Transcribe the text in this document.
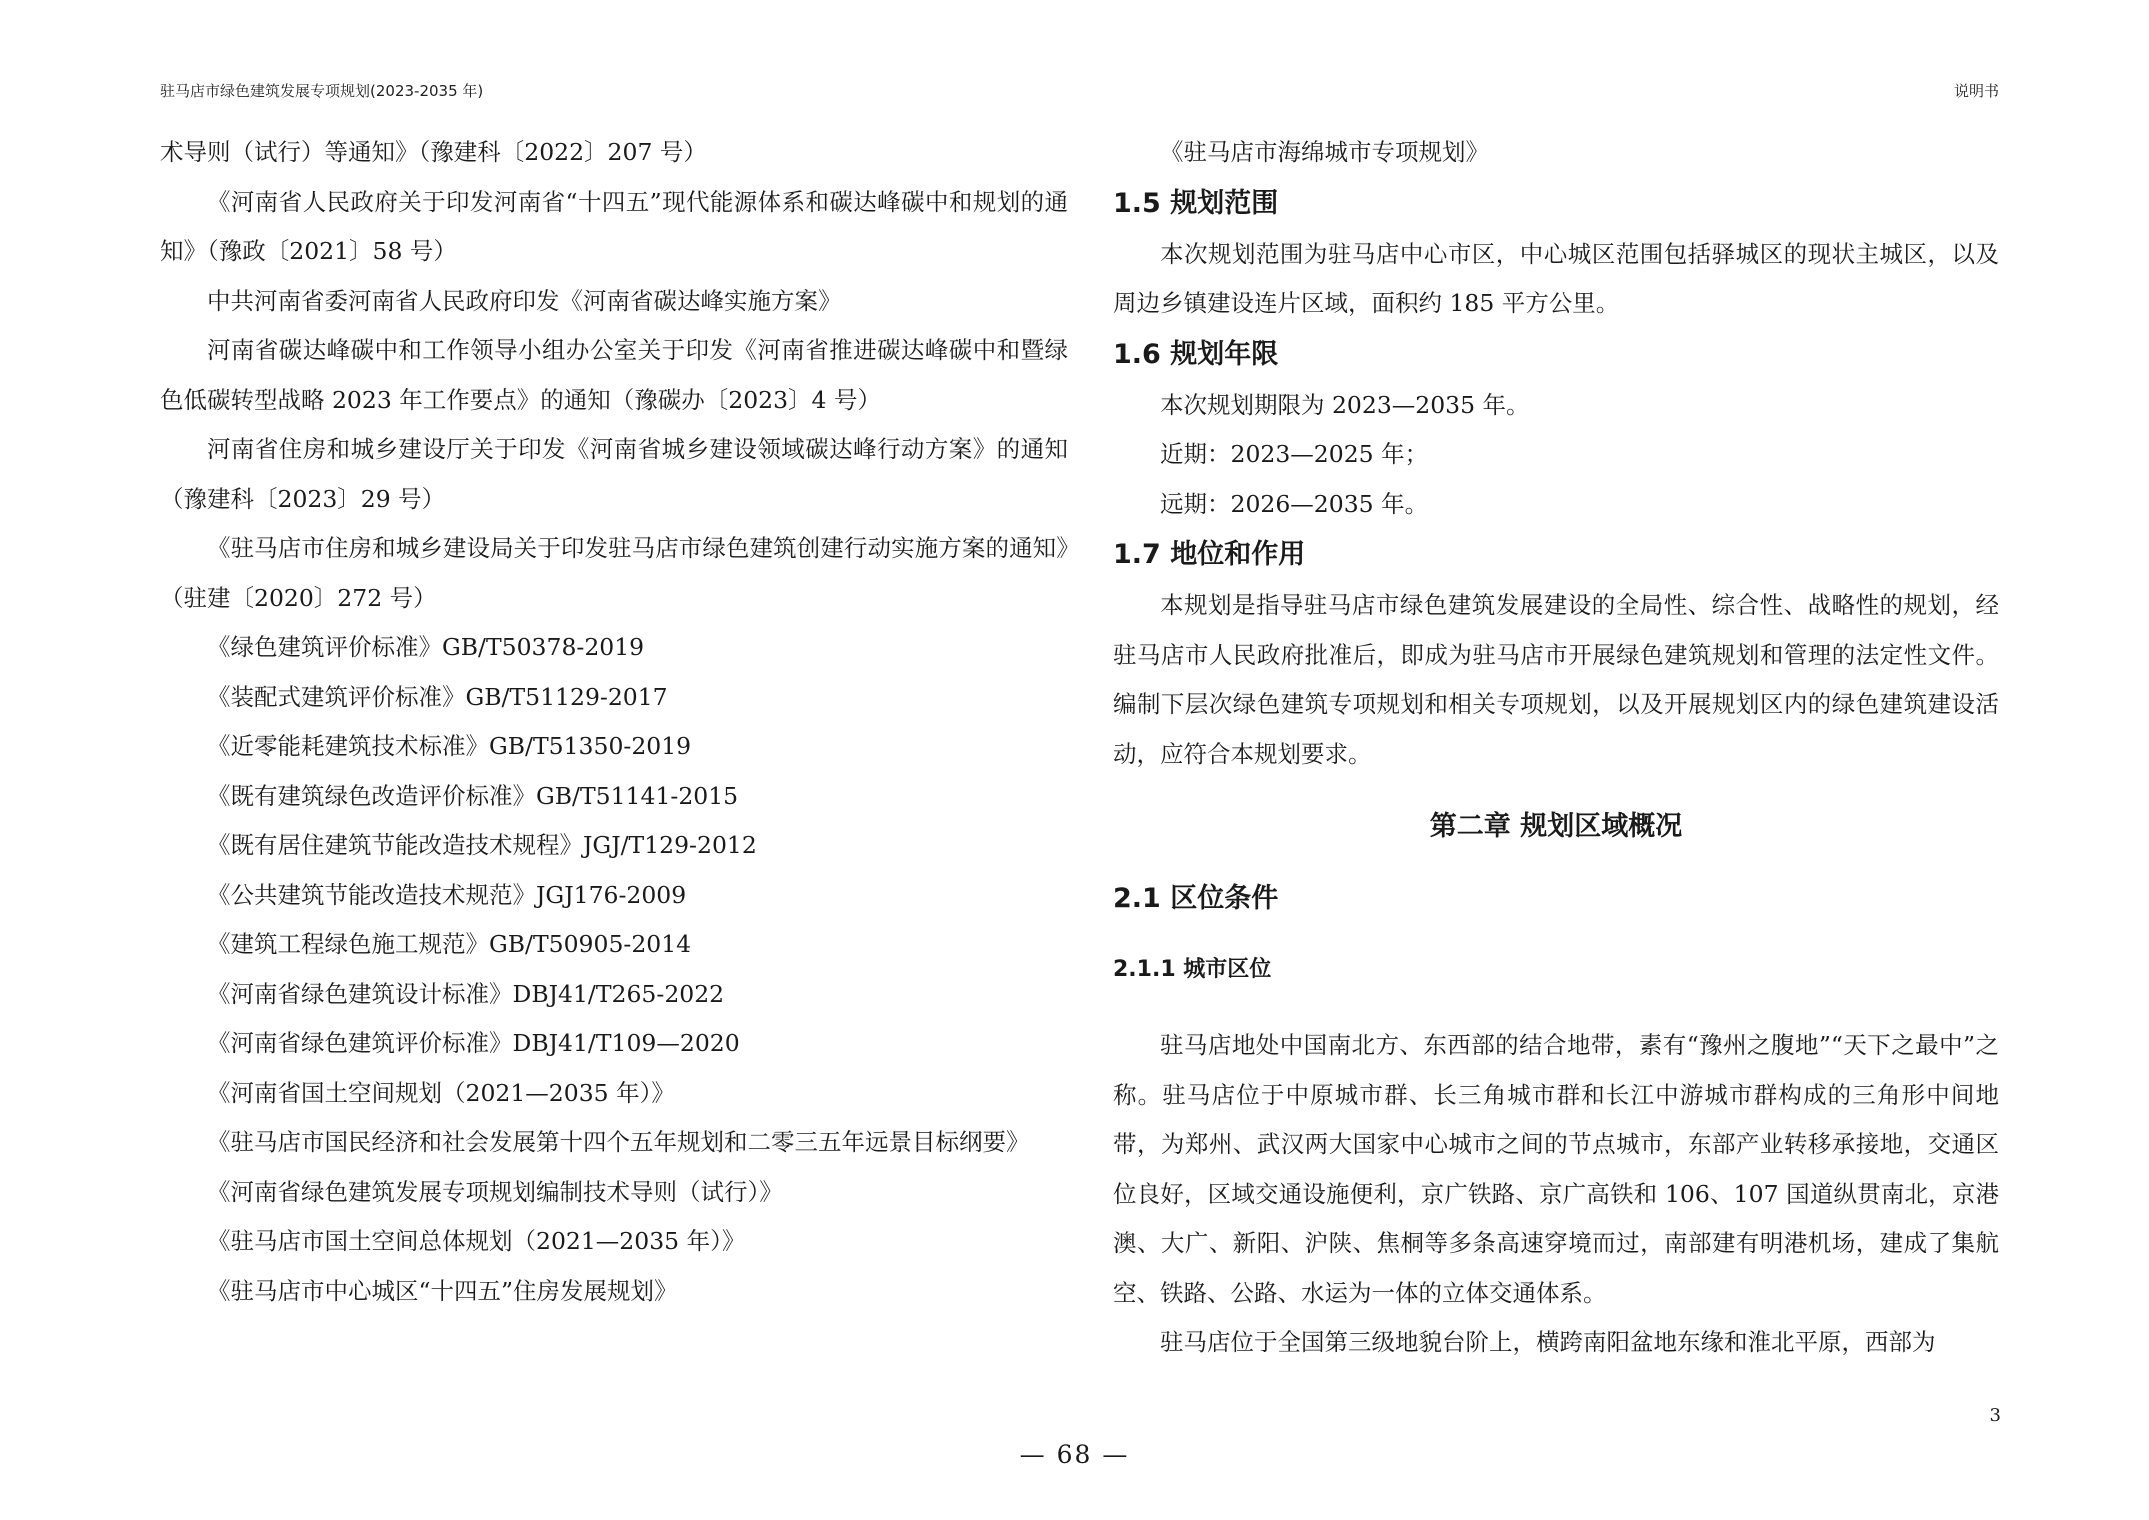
驻马店市绿色建筑发展专项规划(2023-2035 年)	说明书

术导则（试行）等通知》（豫建科〔2022〕207 号）

《河南省人民政府关于印发河南省“十四五”现代能源体系和碳达峰碳中和规划的通知》（豫政〔2021〕58 号）

中共河南省委河南省人民政府印发《河南省碳达峰实施方案》

河南省碳达峰碳中和工作领导小组办公室关于印发《河南省推进碳达峰碳中和暨绿色低碳转型战略 2023 年工作要点》的通知（豫碳办〔2023〕4 号）

河南省住房和城乡建设厅关于印发《河南省城乡建设领域碳达峰行动方案》的通知（豫建科〔2023〕29 号）

《驻马店市住房和城乡建设局关于印发驻马店市绿色建筑创建行动实施方案的通知》（驻建〔2020〕272 号）

《绿色建筑评价标准》GB/T50378-2019

《装配式建筑评价标准》GB/T51129-2017

《近零能耗建筑技术标准》GB/T51350-2019

《既有建筑绿色改造评价标准》GB/T51141-2015

《既有居住建筑节能改造技术规程》JGJ/T129-2012

《公共建筑节能改造技术规范》JGJ176-2009

《建筑工程绿色施工规范》GB/T50905-2014

《河南省绿色建筑设计标准》DBJ41/T265-2022

《河南省绿色建筑评价标准》DBJ41/T109—2020

《河南省国土空间规划（2021—2035 年）》

《驻马店市国民经济和社会发展第十四个五年规划和二零三五年远景目标纲要》

《河南省绿色建筑发展专项规划编制技术导则（试行）》

《驻马店市国土空间总体规划（2021—2035 年）》

《驻马店市中心城区“十四五”住房发展规划》

《驻马店市海绵城市专项规划》

1.5 规划范围

本次规划范围为驻马店中心市区，中心城区范围包括驿城区的现状主城区，以及周边乡镇建设连片区域，面积约 185 平方公里。

1.6 规划年限

本次规划期限为 2023—2035 年。

近期：2023—2025 年；

远期：2026—2035 年。

1.7 地位和作用

本规划是指导驻马店市绿色建筑发展建设的全局性、综合性、战略性的规划，经驻马店市人民政府批准后，即成为驻马店市开展绿色建筑规划和管理的法定性文件。编制下层次绿色建筑专项规划和相关专项规划，以及开展规划区内的绿色建筑建设活动，应符合本规划要求。

第二章 规划区域概况
2.1 区位条件
2.1.1 城市区位

驻马店地处中国南北方、东西部的结合地带，素有“豫州之腹地”“天下之最中”之称。驻马店位于中原城市群、长三角城市群和长江中游城市群构成的三角形中间地带，为郑州、武汉两大国家中心城市之间的节点城市，东部产业转移承接地，交通区位良好，区域交通设施便利，京广铁路、京广高铁和 106、107 国道纵贯南北，京港澳、大广、新阳、沪陕、焦桐等多条高速穿境而过，南部建有明港机场，建成了集航空、铁路、公路、水运为一体的立体交通体系。

驻马店位于全国第三级地貌台阶上，横跨南阳盆地东缘和淮北平原，西部为

3
— 68 —
